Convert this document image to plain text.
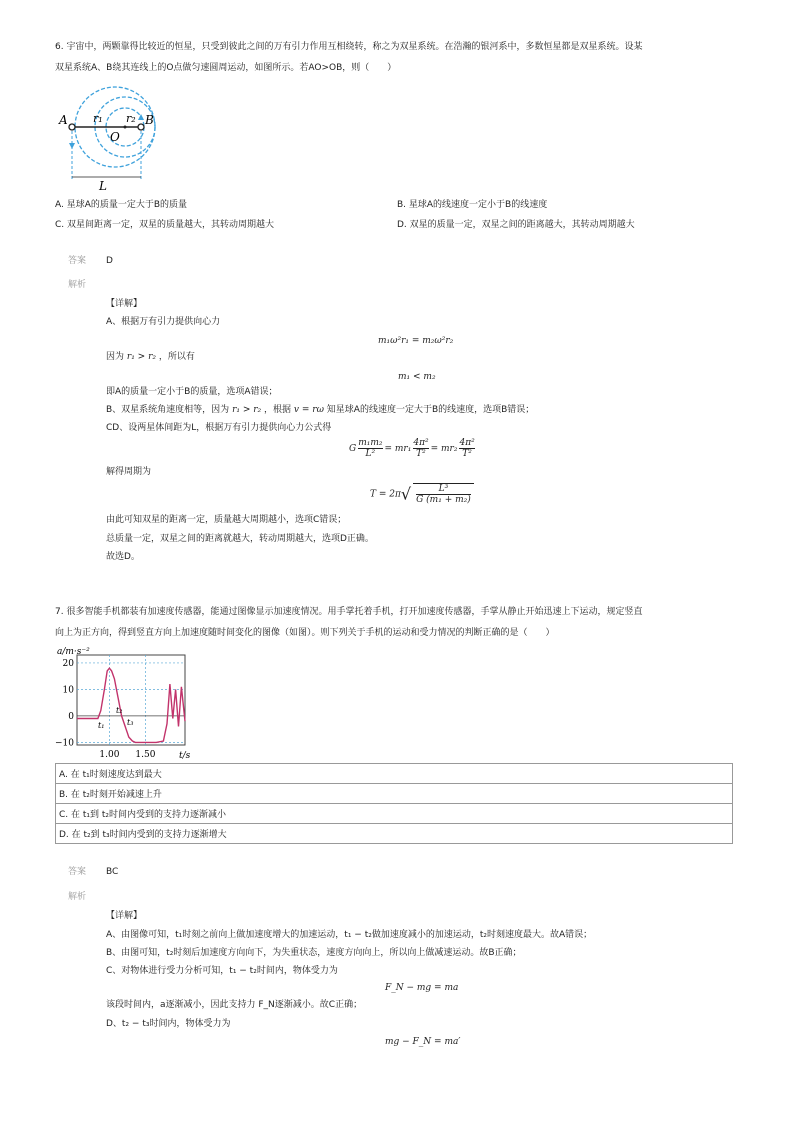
6. 宇宙中，两颗靠得比较近的恒星，只受到彼此之间的万有引力作用互相绕转，称之为双星系统。在浩瀚的银河系中，多数恒星都是双星系统。设某
双星系统A、B绕其连线上的O点做匀速圆周运动，如图所示。若AO>OB，则（　　）
A	B
O
r₁ r₂
L
A. 星球A的质量一定大于B的质量	B. 星球A的线速度一定小于B的线速度
C. 双星间距离一定，双星的质量越大，其转动周期越大	D. 双星的质量一定，双星之间的距离越大，其转动周期越大
答案 D
解析
【详解】
A、根据万有引力提供向心力
m₁ω²r₁ = m₂ω²r₂
因为 r₁ > r₂ ，所以有
m₁ < m₂
即A的质量一定小于B的质量，选项A错误；
B、双星系统角速度相等，因为 r₁ > r₂ ，根据 v = rω 知星球A的线速度一定大于B的线速度，选项B错误；
CD、设两星体间距为L，根据万有引力提供向心力公式得
G $\frac{\text{m₁m₂}}{\text{L²}} = mr_1 \frac{\text{4π²}}{\text{T²}} = mr_2 \frac{\text{4π²}}{\text{T²}}$
解得周期为
$T = 2\pi√ \frac{\text{L³}}{\text{G (m₁ + m₂)}}$
由此可知双星的距离一定，质量越大周期越小，选项C错误；
总质量一定，双星之间的距离就越大，转动周期越大，选项D正确。
故选D。
7. 很多智能手机都装有加速度传感器，能通过图像显示加速度情况。用手掌托着手机，打开加速度传感器，手掌从静止开始迅速上下运动，规定竖直
向上为正方向，得到竖直方向上加速度随时间变化的图像（如图）。则下列关于手机的运动和受力情况的判断正确的是（　　）
20
10
0
−10
1.00 1.50
a/m·s⁻²
t/s
t₁
t₂
t₃
A. 在 t₁时刻速度达到最大
B. 在 t₂时刻开始减速上升
C. 在 t₁到 t₂时间内受到的支持力逐渐减小
D. 在 t₂到 t₃时间内受到的支持力逐渐增大
答案 BC
解析
【详解】
A、由图像可知，t₁时刻之前向上做加速度增大的加速运动，t₁ − t₂做加速度减小的加速运动，t₂时刻速度最大。故A错误；
B、由图可知，t₂时刻后加速度方向向下，为失重状态，速度方向向上，所以向上做减速运动。故B正确；
C、对物体进行受力分析可知，t₁ − t₂时间内，物体受力为
F_N − mg = ma
该段时间内，a逐渐减小，因此支持力 F_N逐渐减小。故C正确；
D、t₂ − t₃时间内，物体受力为
mg − F_N = ma′
